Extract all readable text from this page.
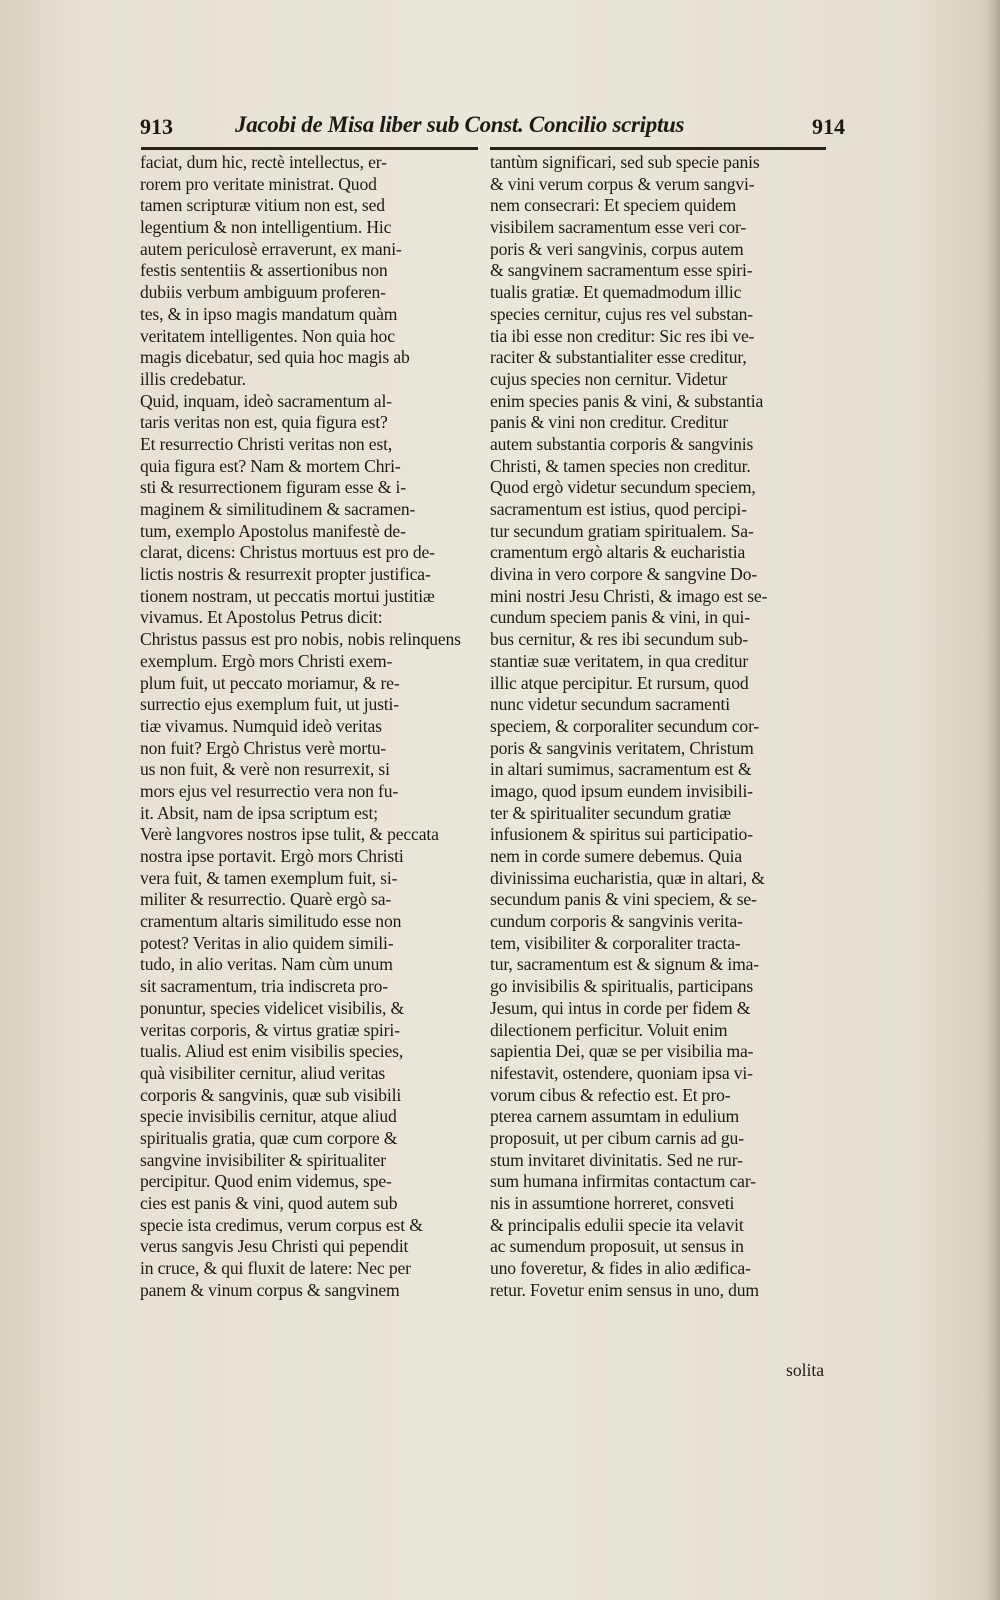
913	Jacobi de Misa liber sub Const. Concilio scriptus	914
faciat, dum hic, rectè intellectus, er-
rorem pro veritate ministrat. Quod
tamen scripturæ vitium non est, sed
legentium & non intelligentium. Hic
autem periculosè erraverunt, ex mani-
festis sententiis & assertionibus non
dubiis verbum ambiguum proferen-
tes, & in ipso magis mandatum quàm
veritatem intelligentes. Non quia hoc
magis dicebatur, sed quia hoc magis ab
illis credebatur.
Quid, inquam, ideò sacramentum al-
taris veritas non est, quia figura est?
Et resurrectio Christi veritas non est,
quia figura est? Nam & mortem Chri-
sti & resurrectionem figuram esse & i-
maginem & similitudinem & sacramen-
tum, exemplo Apostolus manifestè de-
clarat, dicens: Christus mortuus est pro de-
lictis nostris & resurrexit propter justifica-
tionem nostram, ut peccatis mortui justitiæ
vivamus. Et Apostolus Petrus dicit:
Christus passus est pro nobis, nobis relinquens
exemplum. Ergò mors Christi exem-
plum fuit, ut peccato moriamur, & re-
surrectio ejus exemplum fuit, ut justi-
tiæ vivamus. Numquid ideò veritas
non fuit? Ergò Christus verè mortu-
us non fuit, & verè non resurrexit, si
mors ejus vel resurrectio vera non fu-
it. Absit, nam de ipsa scriptum est;
Verè langvores nostros ipse tulit, & peccata
nostra ipse portavit. Ergò mors Christi
vera fuit, & tamen exemplum fuit, si-
militer & resurrectio. Quarè ergò sa-
cramentum altaris similitudo esse non
potest? Veritas in alio quidem simili-
tudo, in alio veritas. Nam cùm unum
sit sacramentum, tria indiscreta pro-
ponuntur, species videlicet visibilis, &
veritas corporis, & virtus gratiæ spiri-
tualis. Aliud est enim visibilis species,
quà visibiliter cernitur, aliud veritas
corporis & sangvinis, quæ sub visibili
specie invisibilis cernitur, atque aliud
spiritualis gratia, quæ cum corpore &
sangvine invisibiliter & spiritualiter
percipitur. Quod enim videmus, spe-
cies est panis & vini, quod autem sub
specie ista credimus, verum corpus est &
verus sangvis Jesu Christi qui pependit
in cruce, & qui fluxit de latere: Nec per
panem & vinum corpus & sangvinem
tantùm significari, sed sub specie panis
& vini verum corpus & verum sangvi-
nem consecrari: Et speciem quidem
visibilem sacramentum esse veri cor-
poris & veri sangvinis, corpus autem
& sangvinem sacramentum esse spiri-
tualis gratiæ. Et quemadmodum illic
species cernitur, cujus res vel substan-
tia ibi esse non creditur: Sic res ibi ve-
raciter & substantialiter esse creditur,
cujus species non cernitur. Videtur
enim species panis & vini, & substantia
panis & vini non creditur. Creditur
autem substantia corporis & sangvinis
Christi, & tamen species non creditur.
Quod ergò videtur secundum speciem,
sacramentum est istius, quod percipi-
tur secundum gratiam spiritualem. Sa-
cramentum ergò altaris & eucharistia
divina in vero corpore & sangvine Do-
mini nostri Jesu Christi, & imago est se-
cundum speciem panis & vini, in qui-
bus cernitur, & res ibi secundum sub-
stantiæ suæ veritatem, in qua creditur
illic atque percipitur. Et rursum, quod
nunc videtur secundum sacramenti
speciem, & corporaliter secundum cor-
poris & sangvinis veritatem, Christum
in altari sumimus, sacramentum est &
imago, quod ipsum eundem invisibili-
ter & spiritualiter secundum gratiæ
infusionem & spiritus sui participatio-
nem in corde sumere debemus. Quia
divinissima eucharistia, quæ in altari, &
secundum panis & vini speciem, & se-
cundum corporis & sangvinis verita-
tem, visibiliter & corporaliter tracta-
tur, sacramentum est & signum & ima-
go invisibilis & spiritualis, participans
Jesum, qui intus in corde per fidem &
dilectionem perficitur. Voluit enim
sapientia Dei, quæ se per visibilia ma-
nifestavit, ostendere, quoniam ipsa vi-
vorum cibus & refectio est. Et pro-
pterea carnem assumtam in edulium
proposuit, ut per cibum carnis ad gu-
stum invitaret divinitatis. Sed ne rur-
sum humana infirmitas contactum car-
nis in assumtione horreret, consveti
& principalis edulii specie ita velavit
ac sumendum proposuit, ut sensus in
uno foveretur, & fides in alio ædifica-
retur. Fovetur enim sensus in uno, dum
solita
